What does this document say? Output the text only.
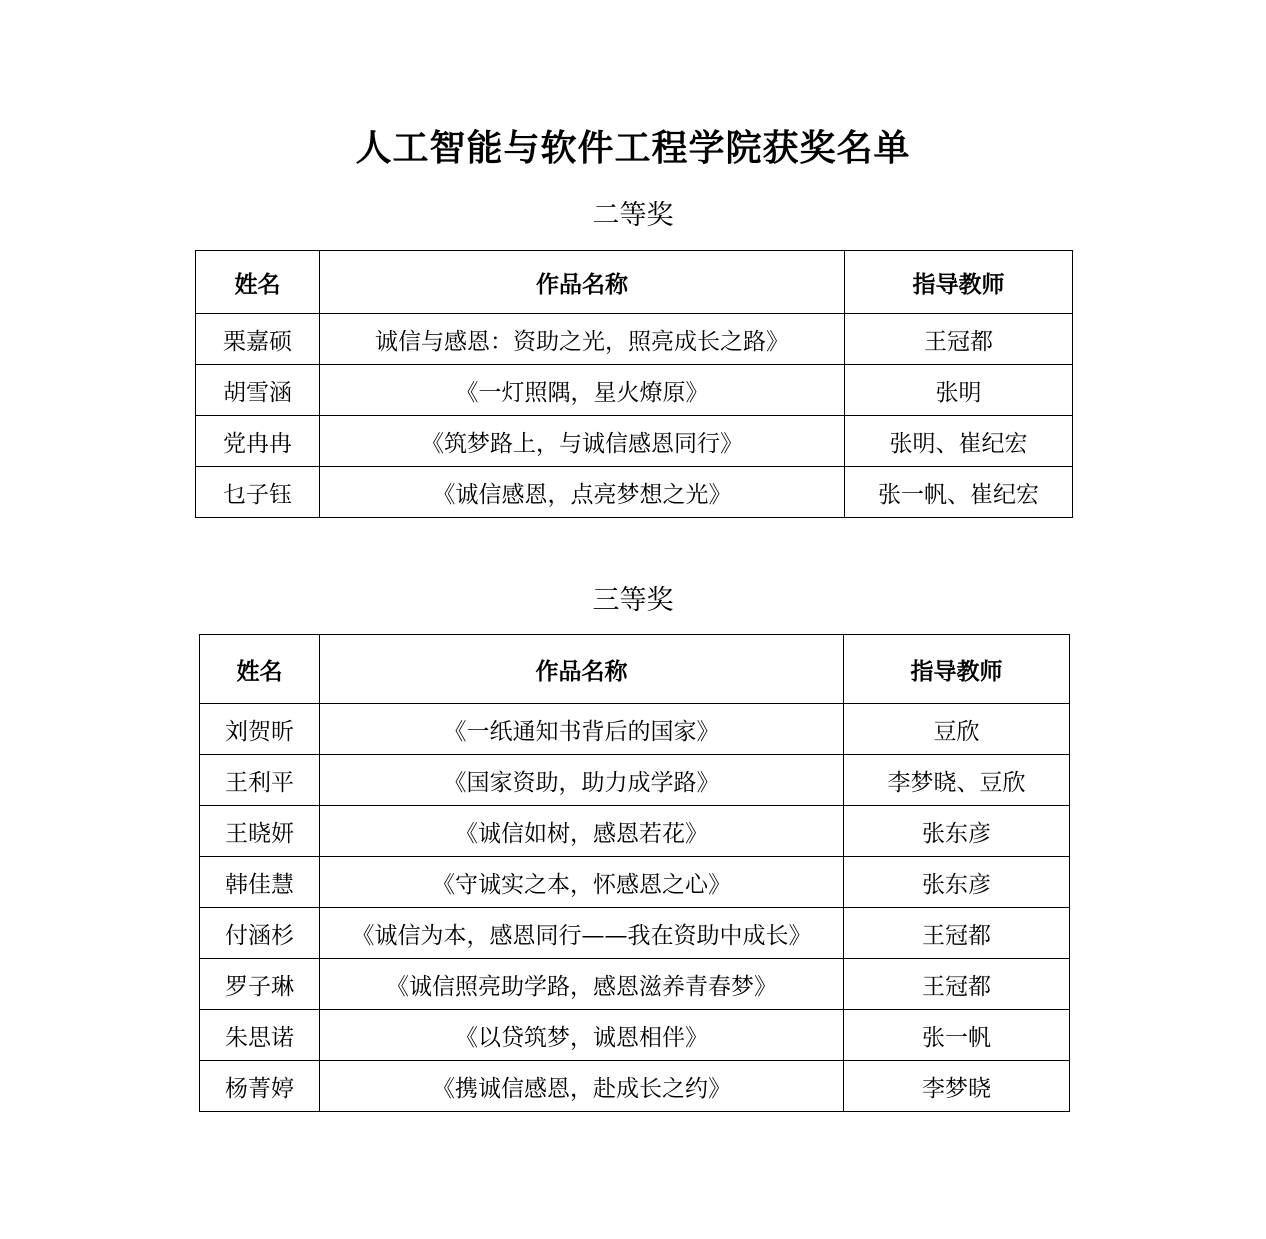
人工智能与软件工程学院获奖名单
二等奖
姓名	作品名称	指导教师
栗嘉硕	诚信与感恩：资助之光，照亮成长之路》	王冠都
胡雪涵	《一灯照隅，星火燎原》	张明
党冉冉	《筑梦路上，与诚信感恩同行》	张明、崔纪宏
乜子钰	《诚信感恩，点亮梦想之光》	张一帆、崔纪宏
三等奖
姓名	作品名称	指导教师
刘贺昕	《一纸通知书背后的国家》	豆欣
王利平	《国家资助，助力成学路》	李梦晓、豆欣
王晓妍	《诚信如树，感恩若花》	张东彦
韩佳慧	《守诚实之本，怀感恩之心》	张东彦
付涵杉	《诚信为本，感恩同行——我在资助中成长》	王冠都
罗子琳	《诚信照亮助学路，感恩滋养青春梦》	王冠都
朱思诺	《以贷筑梦，诚恩相伴》	张一帆
杨菁婷	《携诚信感恩，赴成长之约》	李梦晓
